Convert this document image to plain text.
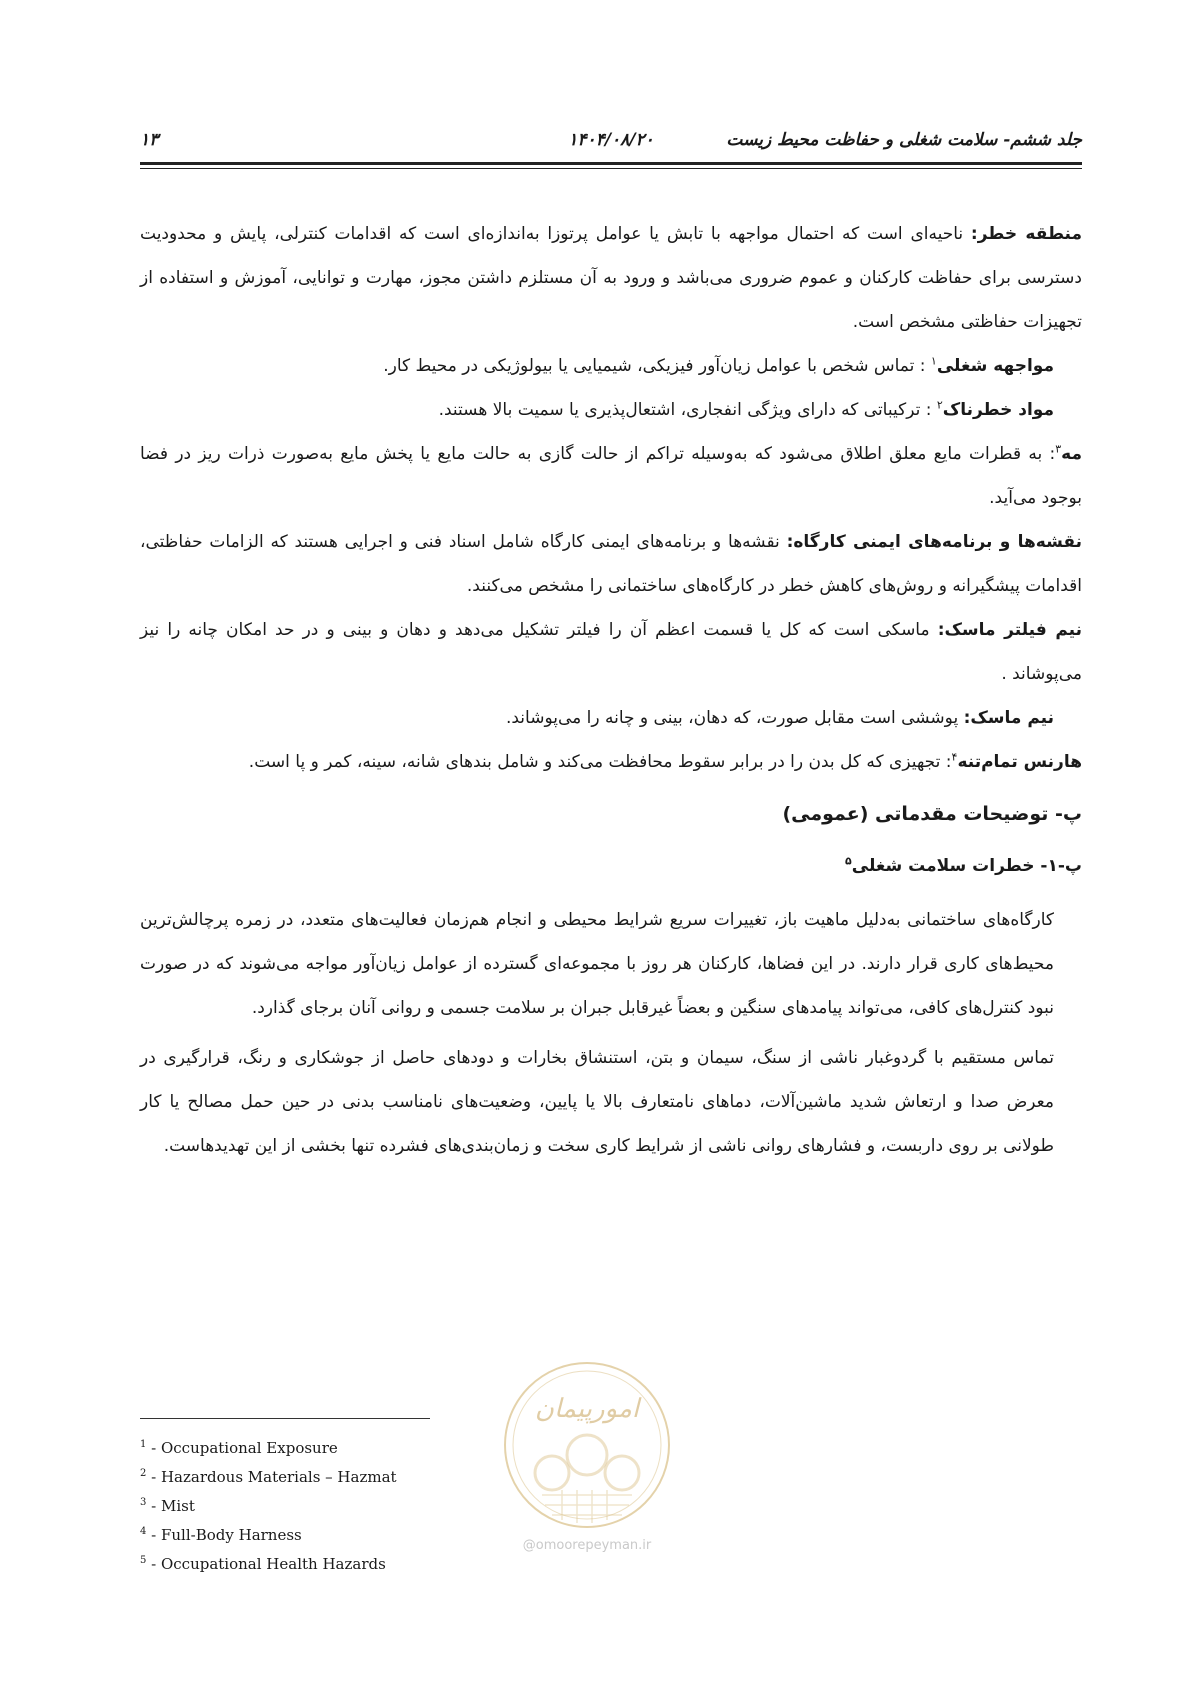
جلد ششم- سلامت شغلی و حفاظت محیط زیست
۱۴۰۴/۰۸/۲۰
۱۳

منطقه خطر: ناحیه‌ای است که احتمال مواجهه با تابش یا عوامل پرتوزا به‌اندازه‌ای است که اقدامات کنترلی، پایش و محدودیت دسترسی برای حفاظت کارکنان و عموم ضروری می‌باشد و ورود به آن مستلزم داشتن مجوز، مهارت و توانایی، آموزش و استفاده از تجهیزات حفاظتی مشخص است.

مواجهه شغلی$^۱$ : تماس شخص با عوامل زیان‌آور فیزیکی، شیمیایی یا بیولوژیکی در محیط کار.

مواد خطرناک$^۲$ : ترکیباتی که دارای ویژگی انفجاری، اشتعال‌پذیری یا سمیت بالا هستند.

مه$^۳$: به قطرات مایع معلق اطلاق می‌شود که به‌وسیله تراکم از حالت گازی به حالت مایع یا پخش مایع به‌صورت ذرات ریز در فضا بوجود می‌آید.

نقشه‌ها و برنامه‌های ایمنی کارگاه: نقشه‌ها و برنامه‌های ایمنی کارگاه شامل اسناد فنی و اجرایی هستند که الزامات حفاظتی، اقدامات پیشگیرانه و روش‌های کاهش خطر در کارگاه‌های ساختمانی را مشخص می‌کنند.

نیم فیلتر ماسک: ماسکی است که کل یا قسمت اعظم آن را فیلتر تشکیل می‌دهد و دهان و بینی و در حد امکان چانه را نیز می‌پوشاند .

نیم ماسک: پوششی است مقابل صورت، که دهان، بینی و چانه را می‌پوشاند.

هارنس تمام‌تنه$^۴$: تجهیزی که کل بدن را در برابر سقوط محافظت می‌کند و شامل بندهای شانه، سینه، کمر و پا است.

پ- توضیحات مقدماتی (عمومی)
پ-۱- خطرات سلامت شغلی$^۵$

کارگاه‌های ساختمانی به‌دلیل ماهیت باز، تغییرات سریع شرایط محیطی و انجام هم‌زمان فعالیت‌های متعدد، در زمره پرچالش‌ترین محیط‌های کاری قرار دارند. در این فضاها، کارکنان هر روز با مجموعه‌ای گسترده از عوامل زیان‌آور مواجه می‌شوند که در صورت نبود کنترل‌های کافی، می‌تواند پیامدهای سنگین و بعضاً غیرقابل جبران بر سلامت جسمی و روانی آنان برجای گذارد.

تماس مستقیم با گردوغبار ناشی از سنگ، سیمان و بتن، استنشاق بخارات و دودهای حاصل از جوشکاری و رنگ، قرارگیری در معرض صدا و ارتعاش شدید ماشین‌آلات، دماهای نامتعارف بالا یا پایین، وضعیت‌های نامناسب بدنی در حین حمل مصالح یا کار طولانی بر روی داربست، و فشارهای روانی ناشی از شرایط کاری سخت و زمان‌بندی‌های فشرده تنها بخشی از این تهدیدهاست.

امورپیمان
@omoorepeyman.ir
$^1$ - Occupational Exposure
$^2$ - Hazardous Materials – Hazmat
$^3$ - Mist
$^4$ - Full-Body Harness
$^5$ - Occupational Health Hazards
